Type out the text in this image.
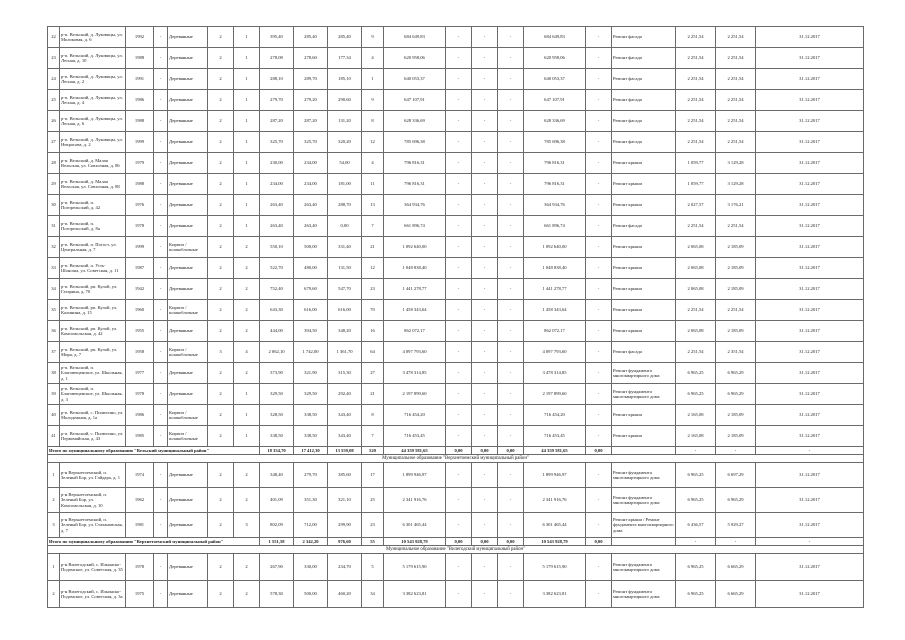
22	р-п. Вельский, д. Луковицы, ул. Молоковая, д. 6	1992	-	Деревянные	2	1	395,40	285,40	285,40	9	684 649,83	-	-	-	684 649,83	-	Ремонт фасада	2 251,54	2 251,54	31.12.2017
23	р-п. Вельский, д. Луковицы, ул. Лесная, д. 10	1988	-	Деревянные	2	1	278,08	278,60	177,34	4	620 958,06	-	-	-	620 958,06	-	Ремонт фасада	2 251,54	2 251,54	31.12.2017
24	р-п. Вельский, д. Луковицы, ул. Лесная, д. 2	1991	-	Деревянные	2	1	288,10	289,70	185,10	1	640 053,37	-	-	-	640 053,37	-	Ремонт фасада	2 251,54	2 251,54	31.12.2017
25	р-п. Вельский, д. Луковицы, ул. Лесная, д. 4	1986	-	Деревянные	2	1	279,70	279,20	290,60	9	647 107,91	-	-	-	647 107,91	-	Ремонт фасада	2 251,54	2 251,54	31.12.2017
26	р-п. Вельский, д. Луковицы, ул. Лесная, д. 6	1988	-	Деревянные	2	1	287,20	287,20	131,20	8	628 336,69	-	-	-	628 336,69	-	Ремонт фасада	2 251,54	2 251,54	31.12.2017
27	р-п. Вельский, д. Луковицы, ул. Некрасова, д. 2	1999	-	Деревянные	2	1	325,70	325,70	320,20	12	785 696,38	-	-	-	785 696,38	-	Ремонт фасада	2 251,54	2 251,54	31.12.2017
28	р-п. Вельский, д. Малая Вельская, ул. Совхозная, д. 86	1979	-	Деревянные	2	1	230,00	234,00	54,00	4	796 816,31	-	-	-	796 816,31	-	Ремонт крыши	1 059,77	3 129,28	31.12.2017
29	р-п. Вельский, д. Малая Вельская, ул. Совхозная, д. 88	1988	-	Деревянные	2	1	234,00	234,00	181,00	11	796 816,31	-	-	-	796 816,31	-	Ремонт крыши	1 059,77	3 129,28	31.12.2017
30	р-п. Вельский, п. Погорельский, д. 42	1976	-	Деревянные	2	1	263,40	263,40	288,70	13	364 934,76	-	-	-	364 934,76	-	Ремонт крыши	2 027,57	3 176,21	31.12.2017
31	р-п. Вельский, п. Погорельский, д. 8а	1978	-	Деревянные	2	1	263,40	263,40	0,00	7	661 896,74	-	-	-	661 896,74	-	Ремонт фасада	2 251,54	2 251,54	31.12.2017
32	р-п. Вельский, п. Погост, ул. Центральная, д. 7	1999	-	Кирпич / шлакоблочные	2	2	550,10	500,00	331,40	21	1 092 640,00	-	-	-	1 092 640,00	-	Ремонт крыши	2 065,08	2 185,09	31.12.2017
33	р-п. Вельский, п. Усть-Шоноша, ул. Советская, д. 11	1987	-	Деревянные	2	2	522,70	480,00	131,50	12	1 048 838,40	-	-	-	1 048 838,40	-	Ремонт крыши	2 065,08	2 185,09	31.12.2017
34	р-п. Вельский, рп. Кулой, ул. Гагарина, д. 70	1942	-	Деревянные	2	2	752,40	679,60	547,70	23	1 441 278,77	-	-	-	1 441 278,77	-	Ремонт крыши	2 065,08	2 185,09	31.12.2017
35	р-п. Вельский, рп. Кулой, ул. Калинина, д. 15	1960	-	Кирпич / шлакоблочные	2	2	643,30	616,00	616,00	70	1 458 343,64	-	-	-	1 458 343,64	-	Ремонт крыши	2 251,54	2 251,54	31.12.2017
36	р-п. Вельский, рп. Кулой, ул. Комсомольская, д. 42	1955	-	Деревянные	2	2	444,00	394,50	348,20	16	862 072,17	-	-	-	862 072,17	-	Ремонт крыши	2 065,08	2 185,09	31.12.2017
37	р-п. Вельский, рп. Кулой, ул. Мира, д. 7	1958	-	Кирпич / шлакоблочные	3	4	2 062,10	1 742,00	1 361,70	64	4 097 793,60	-	-	-	4 097 793,60	-	Ремонт фасада	2 251,54	2 351,54	31.12.2017
38	р-п. Вельский, п. Благовещенское, ул. Школьная, д. 1	1977	-	Деревянные	2	2	373,90	321,90	315,30	27	3 478 314,85	-	-	-	3 478 314,85	-	Ремонт фундамента многоквартирного дома	6 965,25	6 965,29	31.12.2017
39	р-п. Вельский, п. Благовещенское, ул. Школьная, д. 3	1978	-	Деревянные	2	1	329,50	329,50	292,40	21	2 197 899,60	-	-	-	2 197 899,60	-	Ремонт фундамента многоквартирного дома	6 965,25	6 965,29	31.12.2017
40	р-п. Вельский, с. Пилюгино, ул. Молодежная, д. 1а	1986	-	Кирпич / шлакоблочные	2	1	328,50	338,50	343,40	8	716 454,20	-	-	-	716 454,20	-	Ремонт крыши	2 165,08	2 185,09	31.12.2017
41	р-п. Вельский, с. Пилюгино, ул. Первомайская, д. 43	1985	-	Кирпич / шлакоблочные	2	1	338,50	338,50	343,40	7	716 453,45	-	-	-	716 453,45	-	Ремонт крыши	2 165,08	2 185,09	31.12.2017
Итого по муниципальному образованию "Вельский муниципальный район"							18 354,70	17 412,30	13 559,08	520	44 359 581,65	0,00	0,00	0,00	44 359 581,65	0,00		-	-	-
Муниципальное образование "Верхнетоемский муниципальный район"																				
1	р-н Верхнетоемский, п. Зеленый Бор, ул. Гайдара, д. 1	1974	-	Деревянные	2	2	348,40	279,70	385,60	17	1 899 946,97	-	-	-	1 899 946,97	-	Ремонт фундамента многоквартирного дома	6 965,25	6 697,29	31.12.2017
2	р-н Верхнетоемский, п. Зеленый Бор, ул. Комсомольская, д. 10	1962	-	Деревянные	2	2	401,09	351,30	321,10	25	2 341 916,76	-	-	-	2 341 916,76	-	Ремонт фундамента многоквартирного дома	6 965,25	6 965,29	31.12.2017
3	р-н Верхнетоемский, п. Зеленый Бор, ул. Стахановская, д. 7	1981	-	Деревянные	2	3	802,09	712,00	299,90	23	6 301 465,44	-	-	-	6 301 465,44	-	Ремонт крыши / Ремонт фундамента многоквартирного дома	6 436,57	5 929,27	31.12.2017
Итого по муниципальному образованию "Верхнетоемский муниципальный район"							1 551,58	2 342,20	976,60	55	10 543 928,79	0,00	0,00	0,00	10 543 928,79	0,00		-	-	-
Муниципальное образование "Вилегодский муниципальный район"																				
1	р-н Вилегодский, с. Ильинско-Подомское, ул. Советская, д. 35	1978	-	Деревянные	2	2	267,90	330,00	234,70	5	5 179 615,90	-	-	-	5 179 615,90	-	Ремонт фундамента многоквартирного дома	6 965,25	6 665,29	31.12.2017
2	р-н Вилегодский, с. Ильинско-Подомское, ул. Советская, д. 3а	1975	-	Деревянные	2	2	578,30	500,00	460,20	34	3 382 623,81	-	-	-	3 382 623,81	-	Ремонт фундамента многоквартирного дома	6 965,25	6 665,29	31.12.2017
